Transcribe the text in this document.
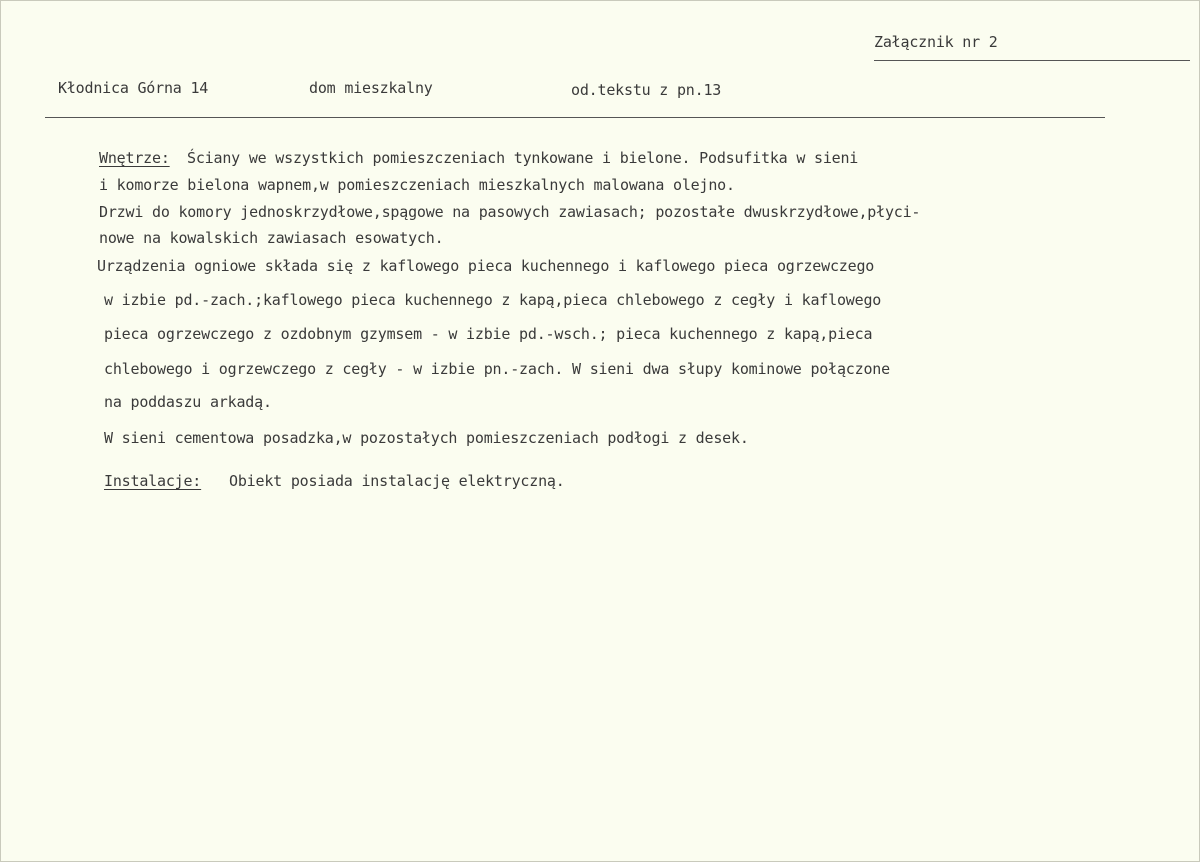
Załącznik nr 2
Kłodnica Górna 14	dom mieszkalny	od.tekstu z pn.13
Wnętrze: Ściany we wszystkich pomieszczeniach tynkowane i bielone. Podsufitka w sieni
i komorze bielona wapnem,w pomieszczeniach mieszkalnych malowana olejno.
Drzwi do komory jednoskrzydłowe,spągowe na pasowych zawiasach; pozostałe dwuskrzydłowe,płyci-
nowe na kowalskich zawiasach esowatych.
Urządzenia ogniowe składa się z kaflowego pieca kuchennego i kaflowego pieca ogrzewczego
w izbie pd.-zach.;kaflowego pieca kuchennego z kapą,pieca chlebowego z cegły i kaflowego
pieca ogrzewczego z ozdobnym gzymsem - w izbie pd.-wsch.; pieca kuchennego z kapą,pieca
chlebowego i ogrzewczego z cegły - w izbie pn.-zach. W sieni dwa słupy kominowe połączone
na poddaszu arkadą.
W sieni cementowa posadzka,w pozostałych pomieszczeniach podłogi z desek.
Instalacje: Obiekt posiada instalację elektryczną.
